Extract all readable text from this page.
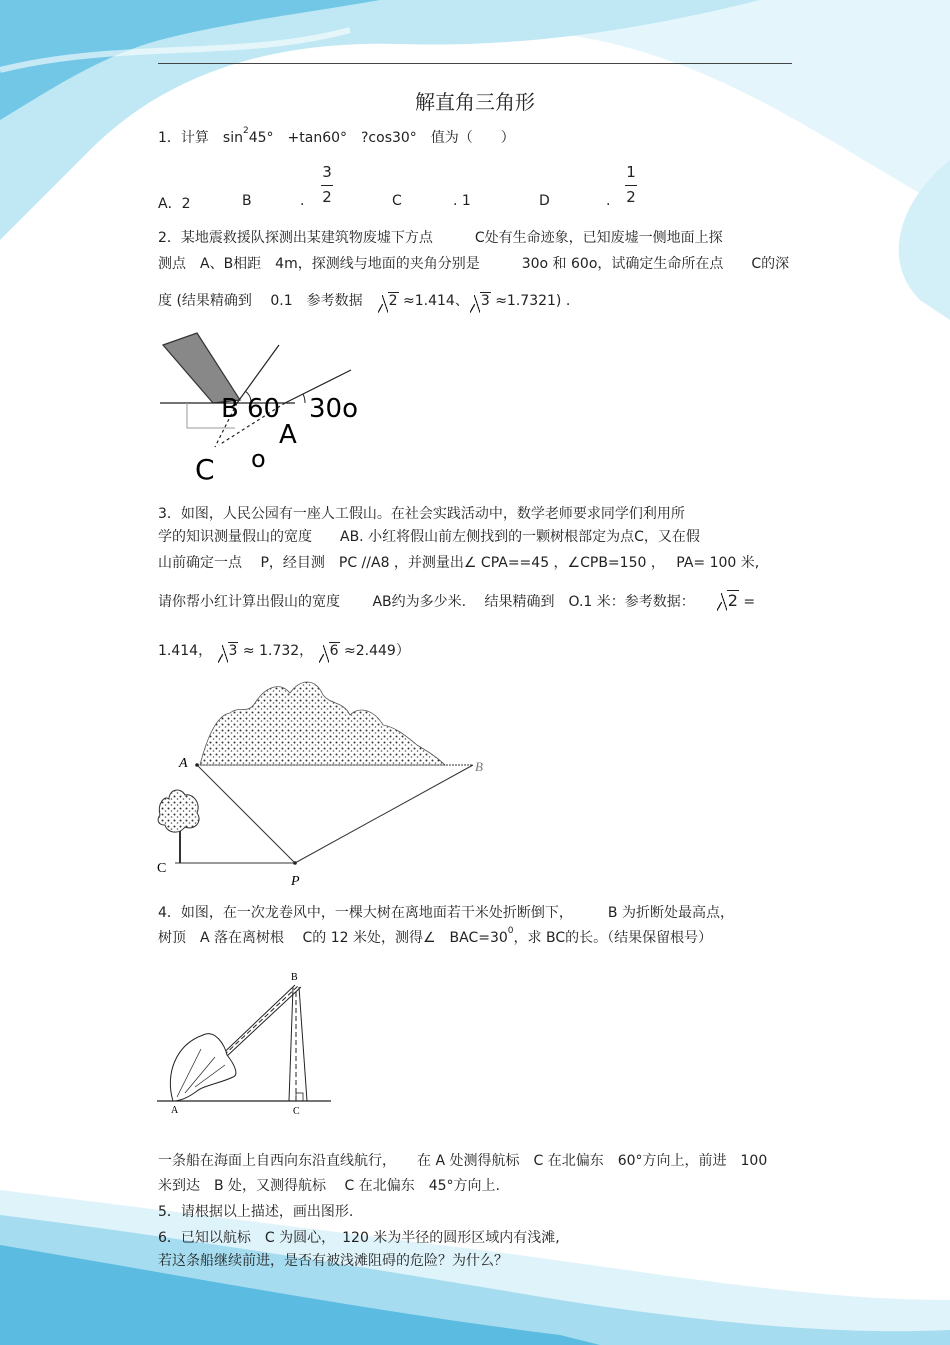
解直角三角形
1．计算　$\sin^245^\circ$　+tan60°　?cos30°　值为（　　）
A．2	B	.
3
2	C	. 1	D	.
1
2
2．某地震救援队探测出某建筑物废墟下方点　　　C处有生命迹象，已知废墟一侧地面上探
测点　A、B相距　4m，探测线与地面的夹角分别是　　　30o 和 60o，试确定生命所在点　　C的深
度 (结果精确到　 0.1　参考数据　2 ≈1.414、 3 ≈1.7321) .
B 60 30o
A
C o
3．如图，人民公园有一座人工假山。在社会实践活动中，数学老师要求同学们利用所
学的知识测量假山的宽度　　AB. 小红将假山前左侧找到的一颗树根部定为点C，又在假
山前确定一点　 P，经目测　PC //A8 ，并测量出∠ CPA==45 ，∠CPB=150 ，　 PA= 100 米,
请你帮小红计算出假山的宽度　　 AB约为多少米.　 结果精确到　O.1 米：参考数据：　　2 =
1.414， 3 ≈ 1.732， 6 ≈2.449）
A	B
C
P
4．如图，在一次龙卷风中，一棵大树在离地面若干米处折断倒下，　　　B 为折断处最高点，
树顶　A 落在离树根　 C的 12 米处，测得∠　$BAC=30^0$，求 BC的长。（结果保留根号）
B
A	C
一条船在海面上自西向东沿直线航行，　　在 A 处测得航标　C 在北偏东　60°方向上，前进　100
米到达　B 处，又测得航标　 C 在北偏东　45°方向上.
5．请根据以上描述，画出图形.
6．已知以航标　C 为圆心，　120 米为半径的圆形区域内有浅滩,
若这条船继续前进，是否有被浅滩阻碍的危险？为什么？
